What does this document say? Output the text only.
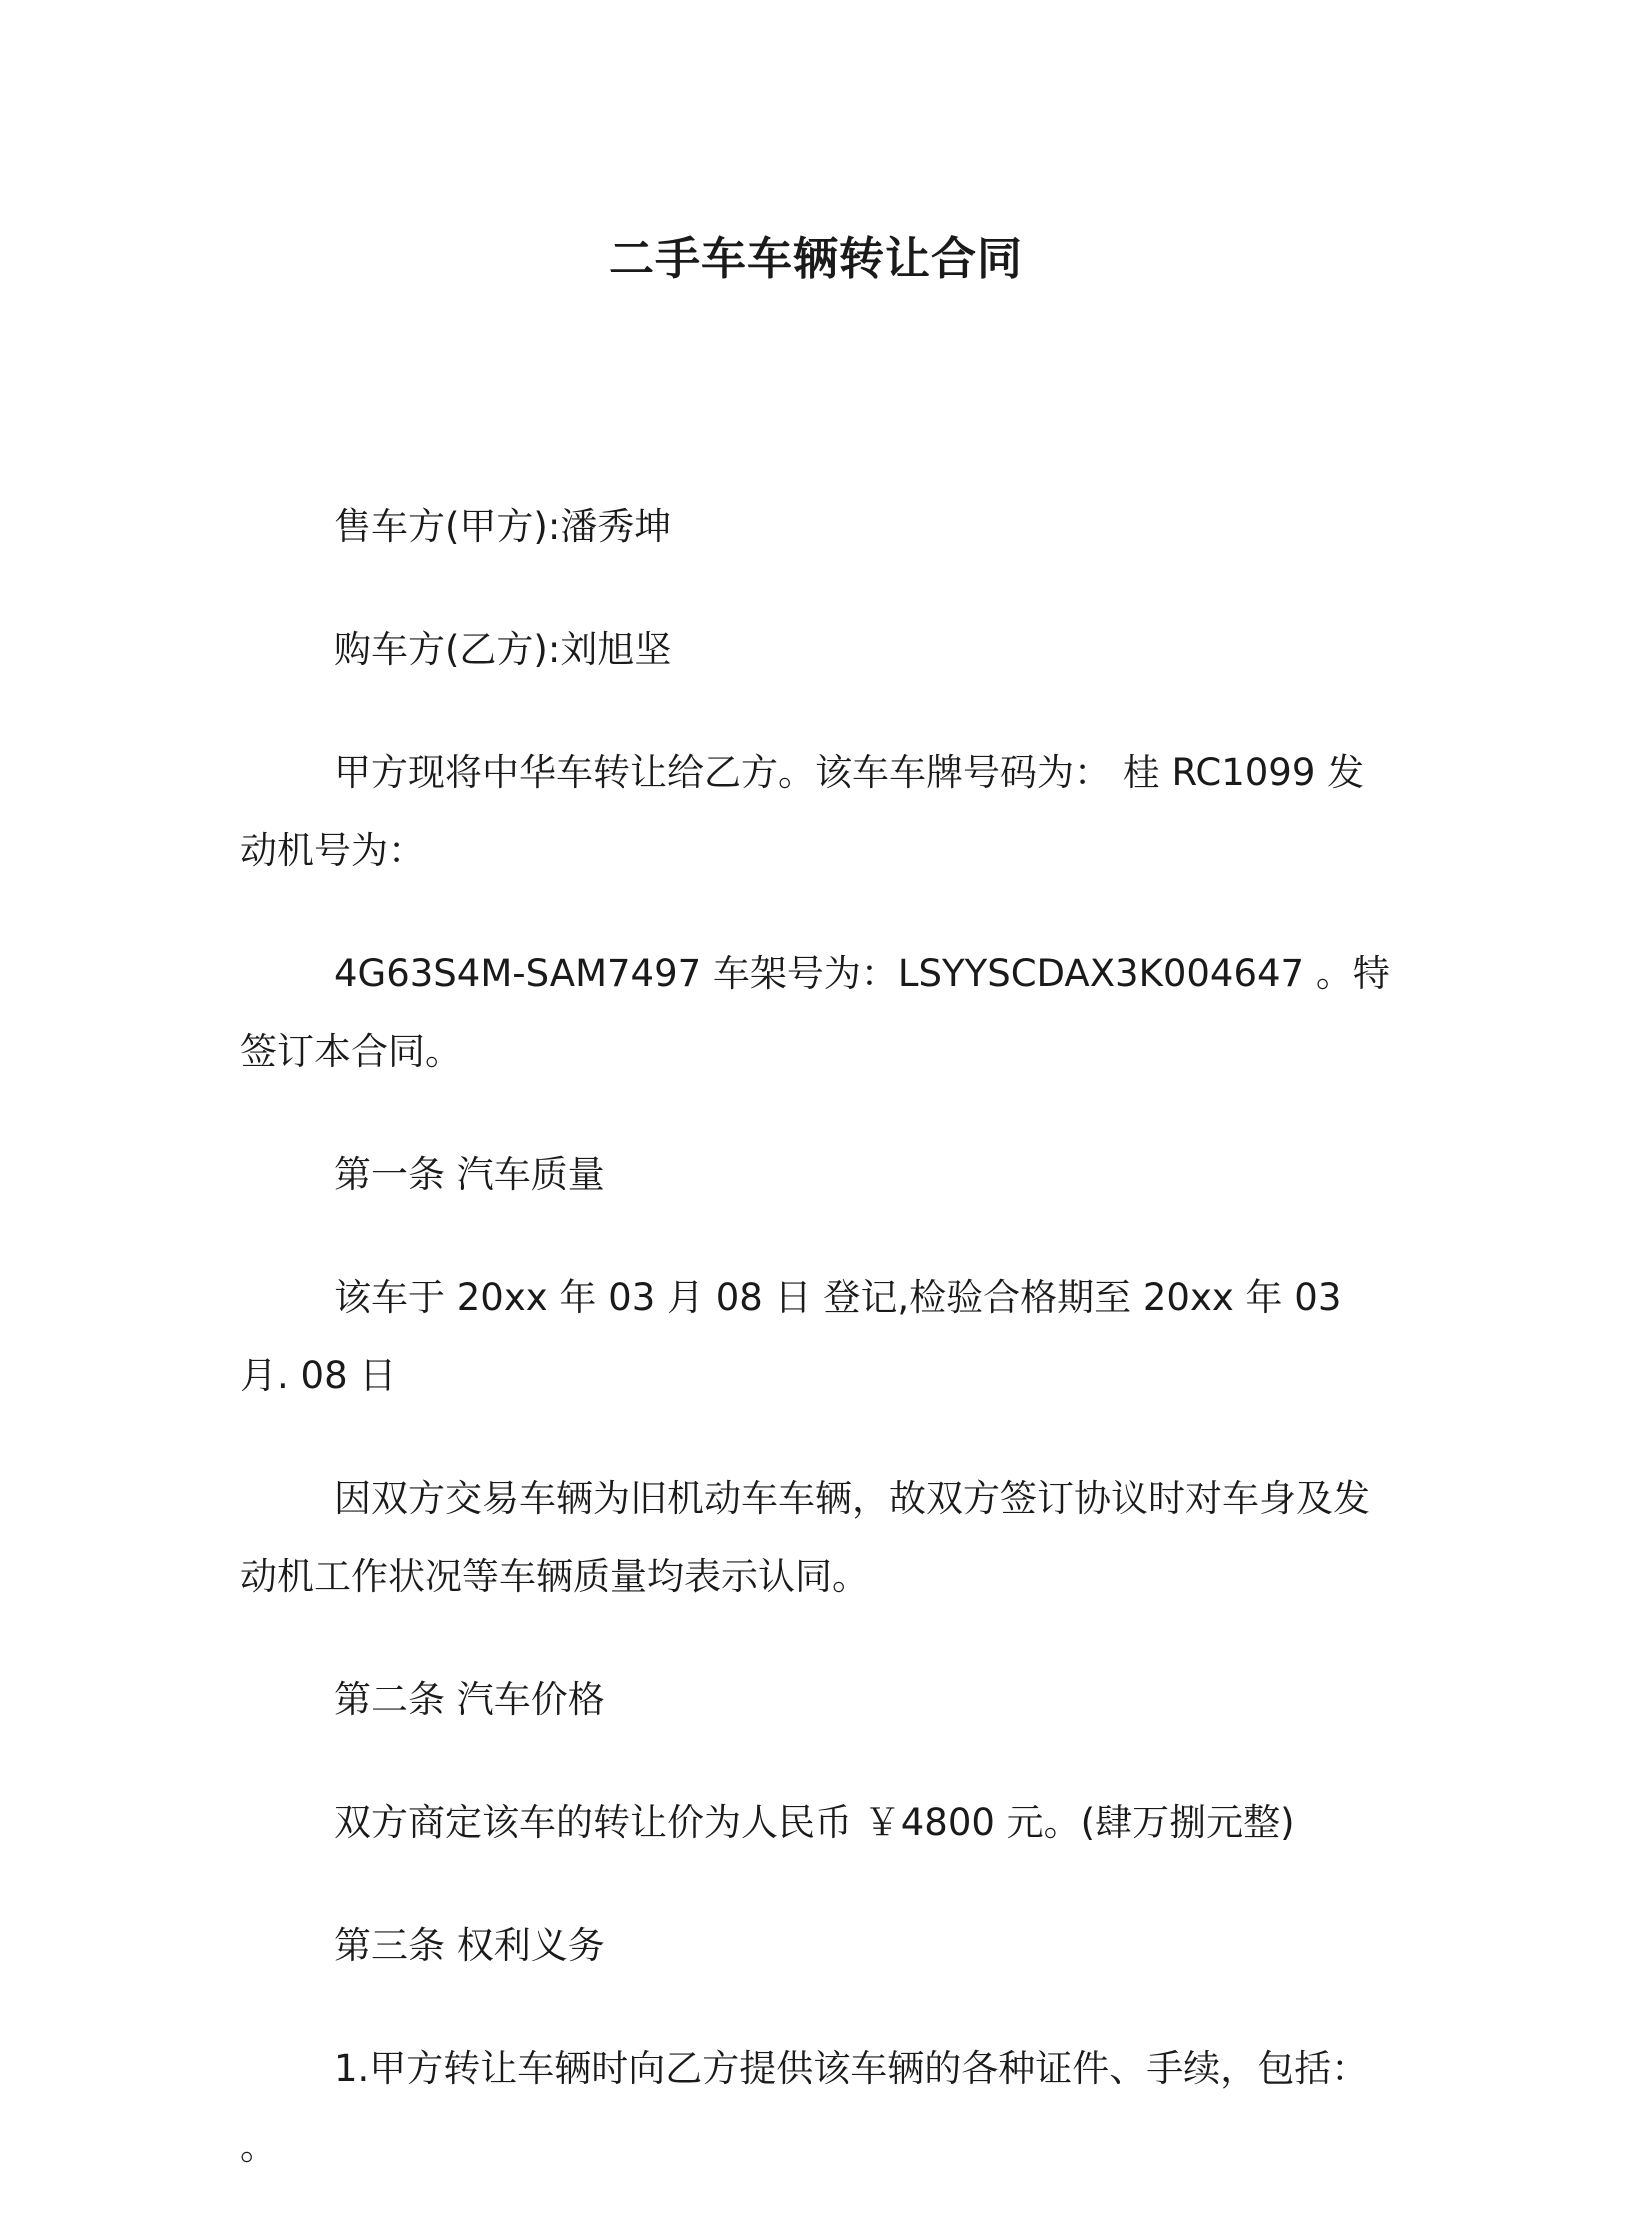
二手车车辆转让合同

售车方(甲方):潘秀坤

购车方(乙方):刘旭坚

甲方现将中华车转让给乙方。该车车牌号码为： 桂 RC1099 发动机号为：

4G63S4M-SAM7497 车架号为：LSYYSCDAX3K004647 。特签订本合同。

第一条 汽车质量

该车于 20xx 年 03 月 08 日 登记,检验合格期至 20xx 年 03 月. 08 日

因双方交易车辆为旧机动车车辆，故双方签订协议时对车身及发动机工作状况等车辆质量均表示认同。

第二条 汽车价格

双方商定该车的转让价为人民币 ￥4800 元。(肆万捌元整)

第三条 权利义务

1.甲方转让车辆时向乙方提供该车辆的各种证件、手续，包括： 。
